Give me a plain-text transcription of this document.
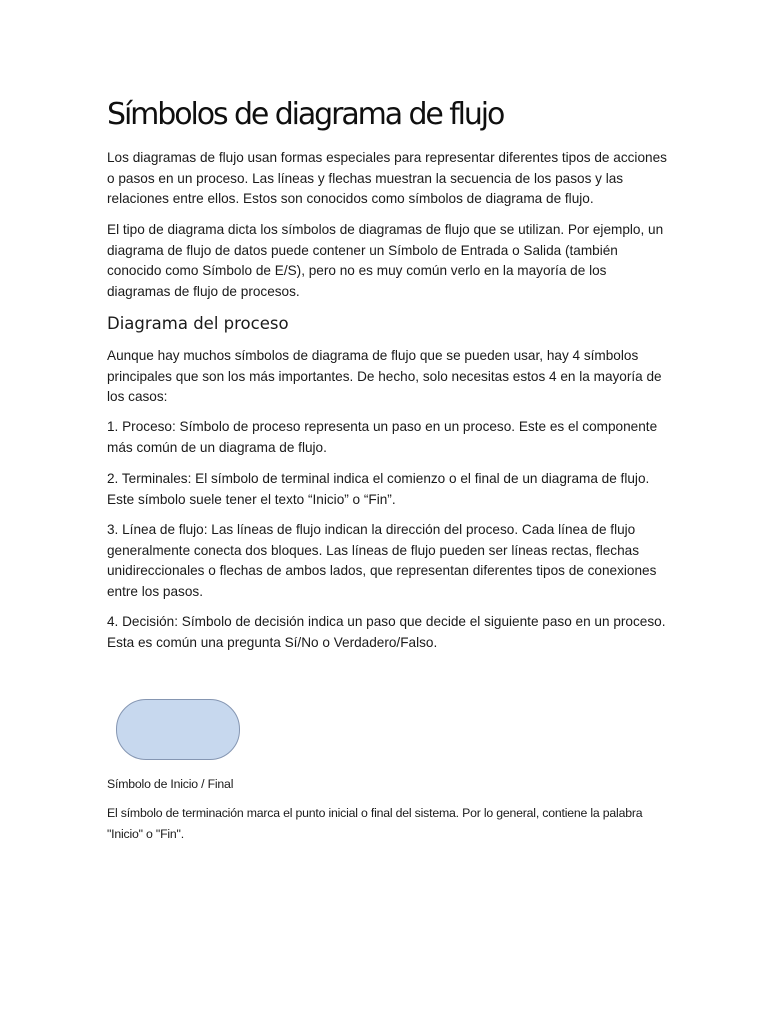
Símbolos de diagrama de flujo

Los diagramas de flujo usan formas especiales para representar diferentes tipos de acciones o pasos en un proceso. Las líneas y flechas muestran la secuencia de los pasos y las relaciones entre ellos. Estos son conocidos como símbolos de diagrama de flujo.

El tipo de diagrama dicta los símbolos de diagramas de flujo que se utilizan. Por ejemplo, un diagrama de flujo de datos puede contener un Símbolo de Entrada o Salida (también conocido como Símbolo de E/S), pero no es muy común verlo en la mayoría de los diagramas de flujo de procesos.

Diagrama del proceso

Aunque hay muchos símbolos de diagrama de flujo que se pueden usar, hay 4 símbolos principales que son los más importantes. De hecho, solo necesitas estos 4 en la mayoría de los casos:

1. Proceso: Símbolo de proceso representa un paso en un proceso. Este es el componente más común de un diagrama de flujo.

2. Terminales: El símbolo de terminal indica el comienzo o el final de un diagrama de flujo. Este símbolo suele tener el texto “Inicio” o “Fin”.

3. Línea de flujo: Las líneas de flujo indican la dirección del proceso. Cada línea de flujo generalmente conecta dos bloques. Las líneas de flujo pueden ser líneas rectas, flechas unidireccionales o flechas de ambos lados, que representan diferentes tipos de conexiones entre los pasos.

4. Decisión: Símbolo de decisión indica un paso que decide el siguiente paso en un proceso. Esta es común una pregunta Sí/No o Verdadero/Falso.

Símbolo de Inicio / Final

El símbolo de terminación marca el punto inicial o final del sistema. Por lo general, contiene la palabra "Inicio" o "Fin".
